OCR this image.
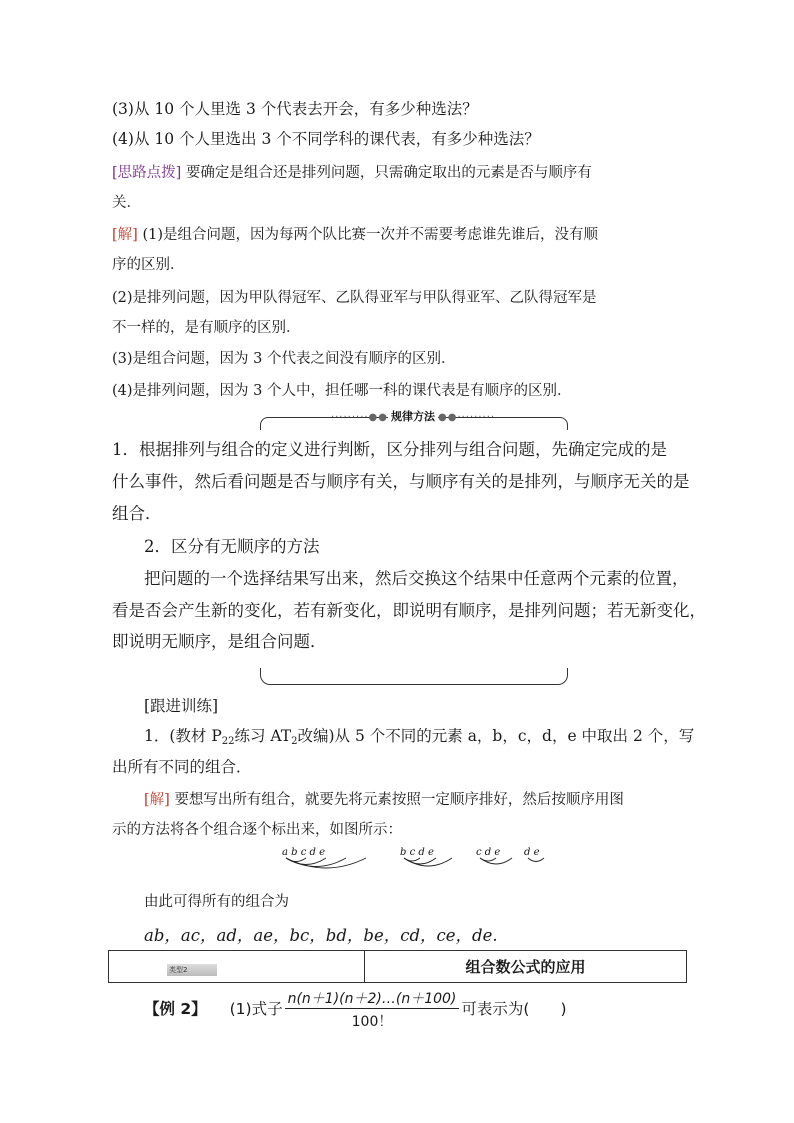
(3)从 10 个人里选 3 个代表去开会，有多少种选法？
(4)从 10 个人里选出 3 个不同学科的课代表，有多少种选法？
[思路点拨] 要确定是组合还是排列问题，只需确定取出的元素是否与顺序有
关．
[解] (1)是组合问题，因为每两个队比赛一次并不需要考虑谁先谁后，没有顺
序的区别．
(2)是排列问题，因为甲队得冠军、乙队得亚军与甲队得亚军、乙队得冠军是
不一样的，是有顺序的区别．
(3)是组合问题，因为 3 个代表之间没有顺序的区别．
(4)是排列问题，因为 3 个人中，担任哪一科的课代表是有顺序的区别．
·········●● 规律方法 ●●·········
1．根据排列与组合的定义进行判断，区分排列与组合问题，先确定完成的是
什么事件，然后看问题是否与顺序有关，与顺序有关的是排列，与顺序无关的是
组合．
2．区分有无顺序的方法
把问题的一个选择结果写出来，然后交换这个结果中任意两个元素的位置，
看是否会产生新的变化，若有新变化，即说明有顺序，是排列问题；若无新变化，
即说明无顺序，是组合问题．
[跟进训练]
1．(教材 $P_{22}$练习 $AT_2$改编)从 5 个不同的元素 a，b，c，d，e 中取出 2 个，写
出所有不同的组合．
[解] 要想写出所有组合，就要先将元素按照一定顺序排好，然后按顺序用图
示的方法将各个组合逐个标出来，如图所示：
a b c d e	b c d e	c d e d e
由此可得所有的组合为
ab，ac，ad，ae，bc，bd，be，cd，ce，de.
类型2	组合数公式的应用
【例 2】 (1)式子 $\frac{n(n+1)(n+2)\dots(n+100)}{100!}$ 可表示为(　　)
